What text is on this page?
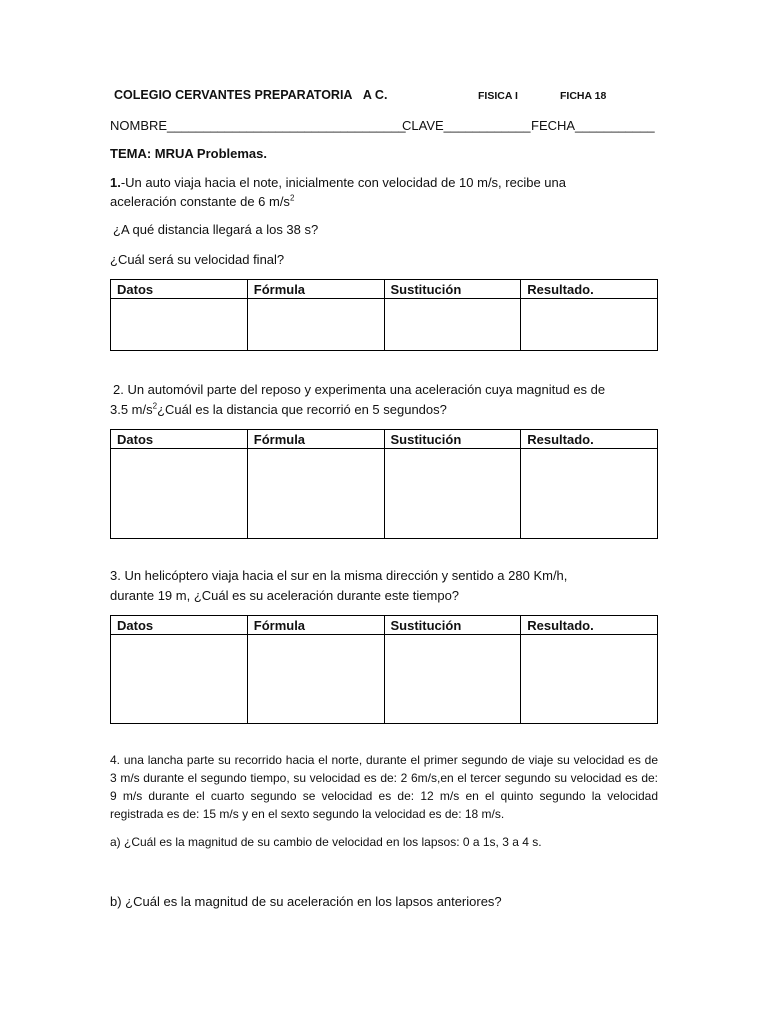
COLEGIO CERVANTES PREPARATORIA A C.	FISICA I	FICHA 18
NOMBRE_________________________________
CLAVE____________ FECHA___________
TEMA: MRUA Problemas.
1.-Un auto viaja hacia el note, inicialmente con velocidad de 10 m/s, recibe una
aceleración constante de 6 $m/s^2$
¿A qué distancia llegará a los 38 s?
¿Cuál será su velocidad final?
Datos	Fórmula	Sustitución	Resultado.

2. Un automóvil parte del reposo y experimenta una aceleración cuya magnitud es de
3.5 $m/s^2¿Cuál$ es la distancia que recorrió en 5 segundos?
Datos	Fórmula	Sustitución	Resultado.

3. Un helicóptero viaja hacia el sur en la misma dirección y sentido a 280 Km/h,
durante 19 m, ¿Cuál es su aceleración durante este tiempo?
Datos	Fórmula	Sustitución	Resultado.

4. una lancha parte su recorrido hacia el norte, durante el primer segundo de viaje su velocidad es de 3 m/s durante el segundo tiempo, su velocidad es de: 2 6m/s,en el tercer segundo su velocidad es de: 9 m/s durante el cuarto segundo se velocidad es de: 12 m/s en el quinto segundo la velocidad registrada es de: 15 m/s y en el sexto segundo la velocidad es de: 18 m/s.
a) ¿Cuál es la magnitud de su cambio de velocidad en los lapsos: 0 a 1s, 3 a 4 s.
b) ¿Cuál es la magnitud de su aceleración en los lapsos anteriores?
